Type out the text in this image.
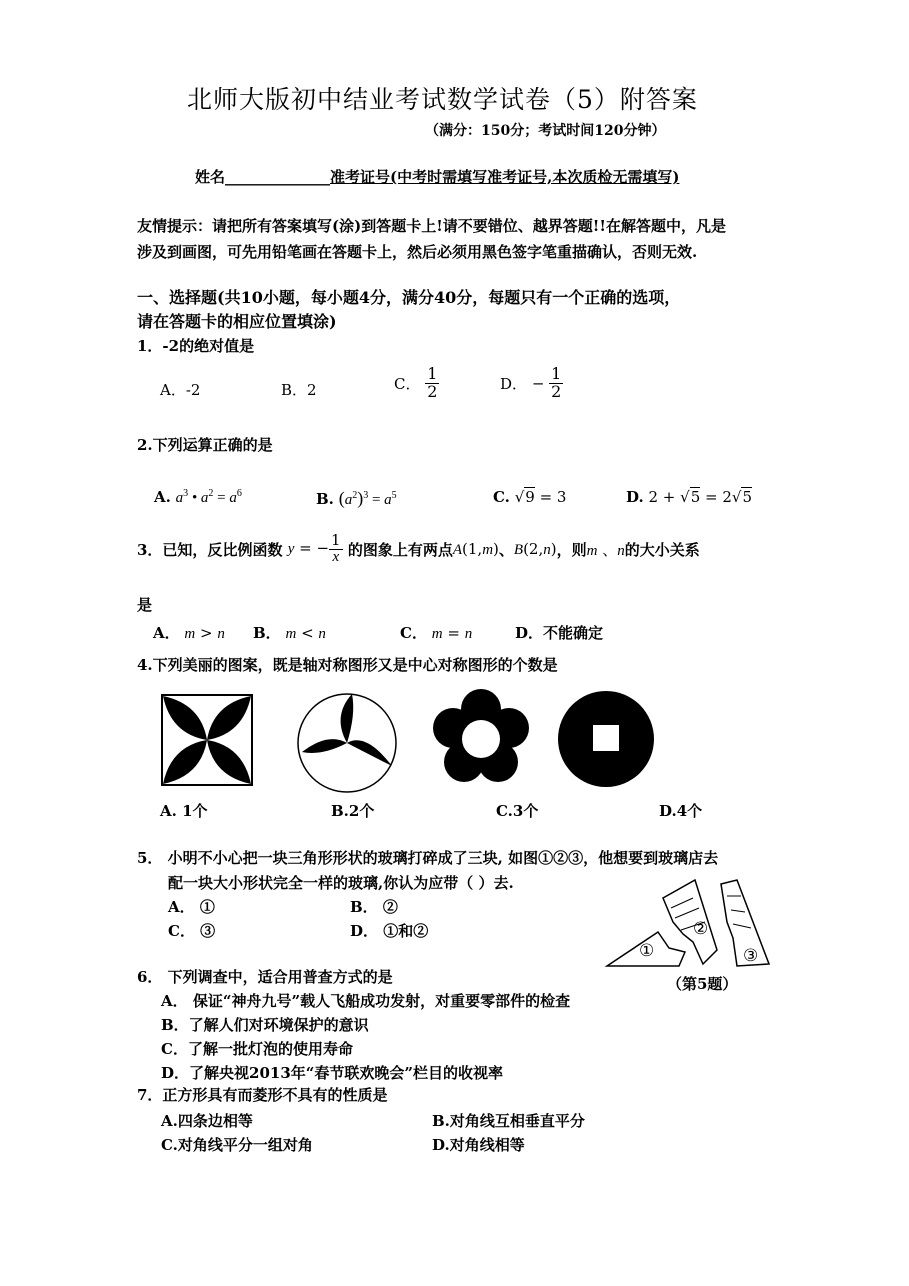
北师大版初中结业考试数学试卷（5）附答案
（满分：150分；考试时间120分钟）
姓名______________准考证号(中考时需填写准考证号,本次质检无需填写)
友情提示：请把所有答案填写(涂)到答题卡上!请不要错位、越界答题!!在解答题中，凡是
涉及到画图，可先用铅笔画在答题卡上，然后必须用黑色签字笔重描确认，否则无效.
一、选择题(共10小题，每小题4分，满分40分，每题只有一个正确的选项，
请在答题卡的相应位置填涂)
1．-2的绝对值是
A．-2	B．2	C． $\frac{1}{2}$	D． − $\frac{1}{2}$
2.下列运算正确的是
A. $a^3$ • $a^2 = a^6$	B. $(a^2)^3 = a^5$	C. √9 = 3	D. 2 + √5 = 2√5
3．已知，反比例函数 y = − $\frac{1}{x}$ 的图象上有两点A(1,m)、B(2,n)，则m 、n的大小关系
是
A． m > n B． m < n	C． m = n	D．不能确定
4.下列美丽的图案，既是轴对称图形又是中心对称图形的个数是
A. 1个	B.2个	C.3个	D.4个
5． 小明不小心把一块三角形形状的玻璃打碎成了三块, 如图①②③，他想要到玻璃店去
配一块大小形状完全一样的玻璃,你认为应带（ ）去.
A． ①	B． ②
C． ③	D． ①和②
①
②
③
（第5题）
6． 下列调查中，适合用普查方式的是
A． 保证“神舟九号”载人飞船成功发射，对重要零部件的检查
B．了解人们对环境保护的意识
C．了解一批灯泡的使用寿命
D．了解央视2013年“春节联欢晚会”栏目的收视率
7．正方形具有而菱形不具有的性质是
A.四条边相等	B.对角线互相垂直平分
C.对角线平分一组对角	D.对角线相等
